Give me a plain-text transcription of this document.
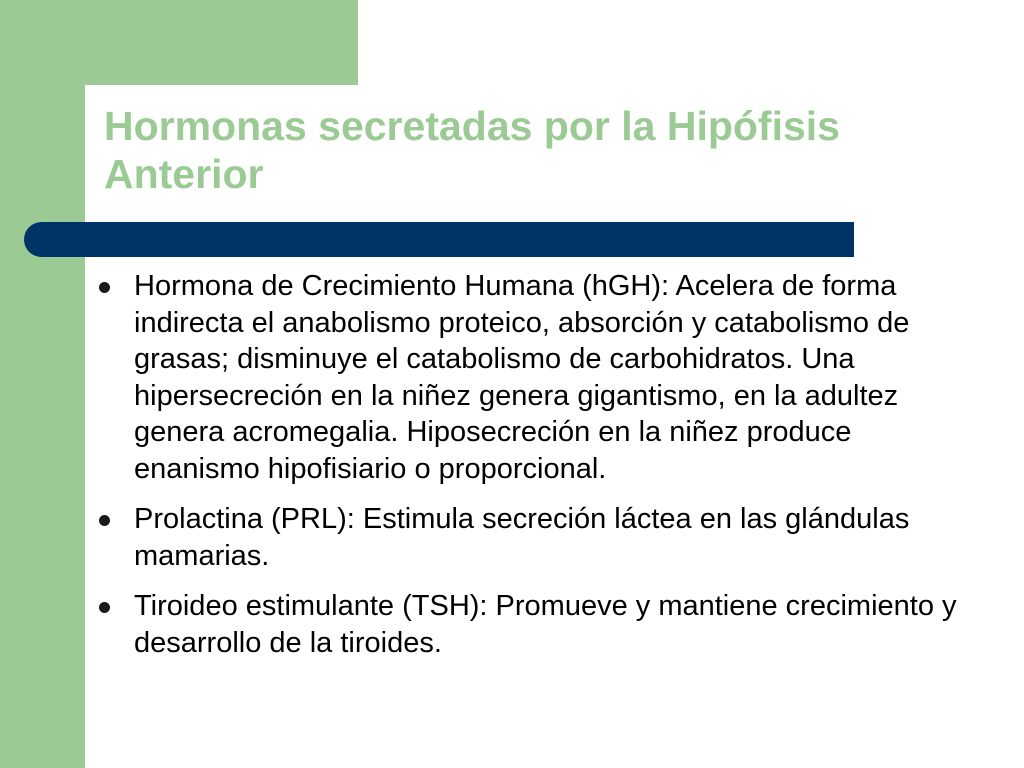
Hormonas secretadas por la Hipófisis Anterior
Hormona de Crecimiento Humana (hGH): Acelera de forma indirecta el anabolismo proteico, absorción y catabolismo de grasas; disminuye el catabolismo de carbohidratos. Una hipersecreción en la niñez genera gigantismo, en la adultez genera acromegalia. Hiposecreción en la niñez produce enanismo hipofisiario o proporcional.
Prolactina (PRL): Estimula secreción láctea en las glándulas mamarias.
Tiroideo estimulante (TSH): Promueve y mantiene crecimiento y desarrollo de la tiroides.
